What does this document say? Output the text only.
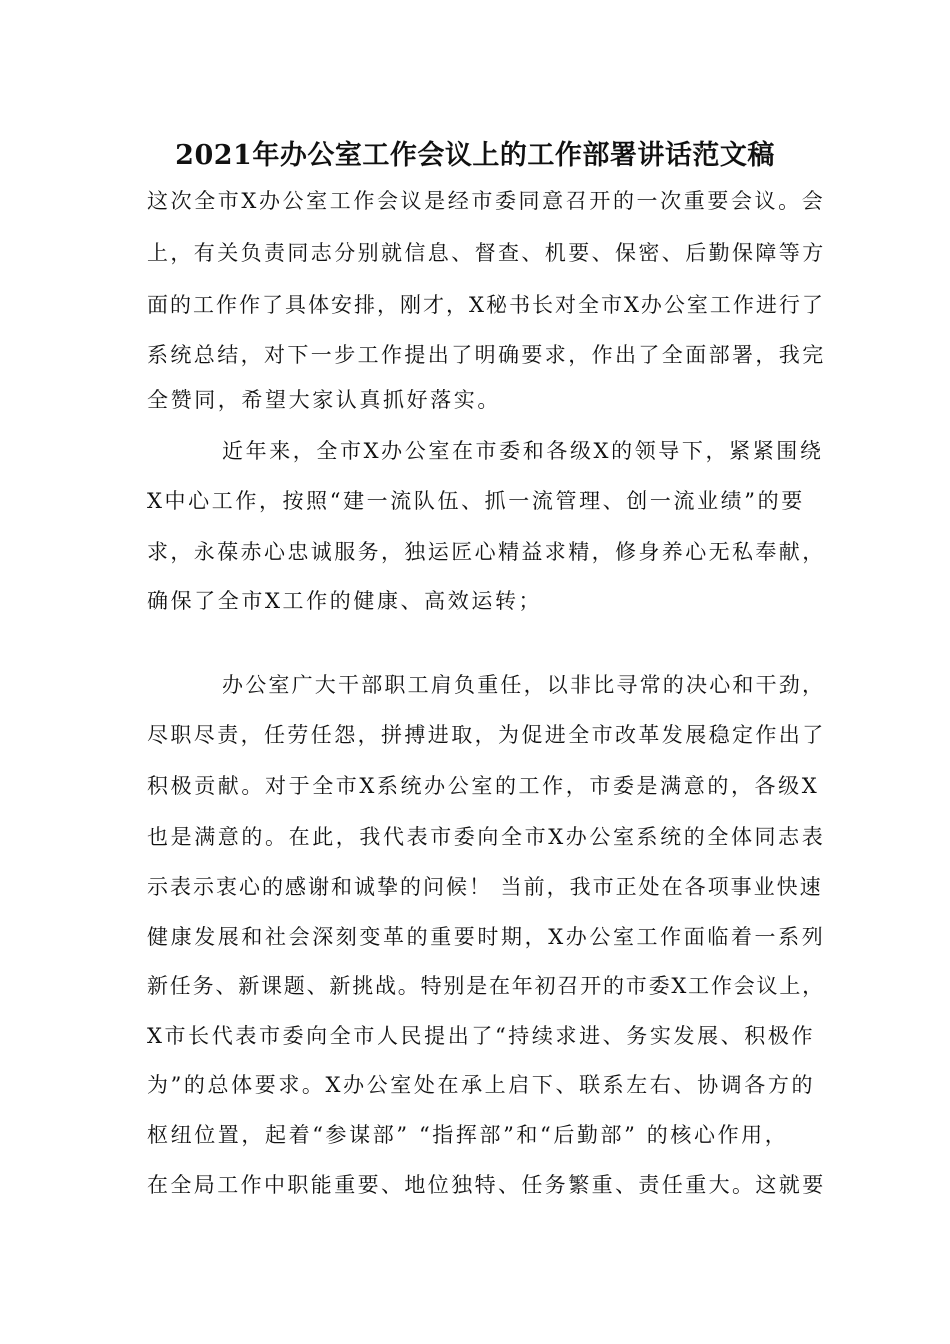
2021年办公室工作会议上的工作部署讲话范文稿
这次全市X办公室工作会议是经市委同意召开的一次重要会议。会
上，有关负责同志分别就信息、督查、机要、保密、后勤保障等方
面的工作作了具体安排，刚才，X秘书长对全市X办公室工作进行了
系统总结，对下一步工作提出了明确要求，作出了全面部署，我完
全赞同，希望大家认真抓好落实。
近年来，全市X办公室在市委和各级X的领导下，紧紧围绕
X中心工作，按照“建一流队伍、抓一流管理、创一流业绩”的要
求，永葆赤心忠诚服务，独运匠心精益求精，修身养心无私奉献，
确保了全市X工作的健康、高效运转；
办公室广大干部职工肩负重任，以非比寻常的决心和干劲，
尽职尽责，任劳任怨，拼搏进取，为促进全市改革发展稳定作出了
积极贡献。对于全市X系统办公室的工作，市委是满意的，各级X
也是满意的。在此，我代表市委向全市X办公室系统的全体同志表
示表示衷心的感谢和诚挚的问候！ 当前，我市正处在各项事业快速
健康发展和社会深刻变革的重要时期，X办公室工作面临着一系列
新任务、新课题、新挑战。特别是在年初召开的市委X工作会议上，
X市长代表市委向全市人民提出了“持续求进、务实发展、积极作
为”的总体要求。X办公室处在承上启下、联系左右、协调各方的
枢纽位置，起着“参谋部” “指挥部”和“后勤部” 的核心作用，
在全局工作中职能重要、地位独特、任务繁重、责任重大。这就要
